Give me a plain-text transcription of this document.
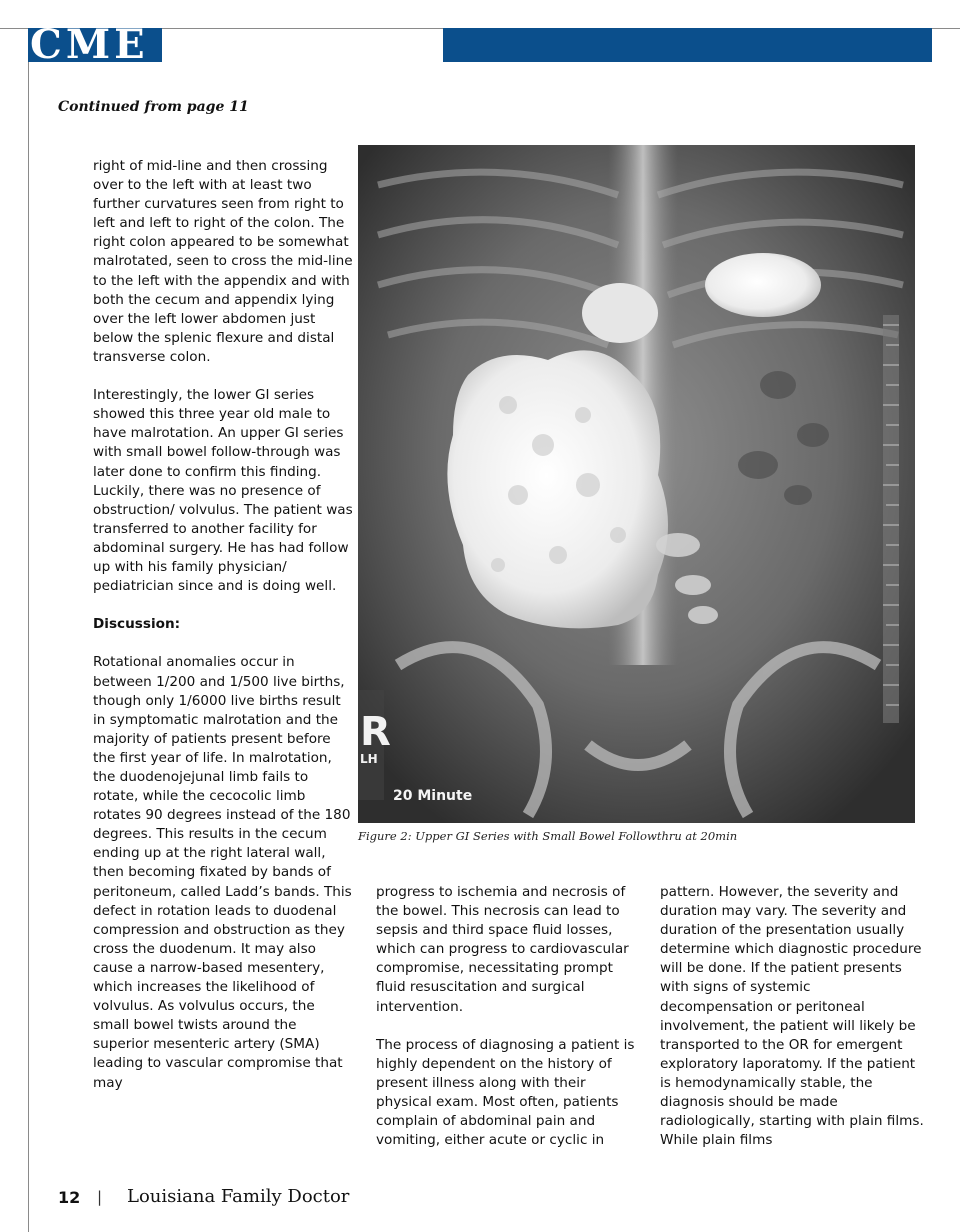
CME
Continued from page 11

right of mid-line and then crossing over to the left with at least two further curvatures seen from right to left and left to right of the colon. The right colon appeared to be somewhat malrotated, seen to cross the mid-line to the left with the appendix and with both the cecum and appendix lying over the left lower abdomen just below the splenic flexure and distal transverse colon.

Interestingly, the lower GI series showed this three year old male to have malrotation. An upper GI series with small bowel follow-through was later done to confirm this finding. Luckily, there was no presence of obstruction/ volvulus. The patient was transferred to another facility for abdominal surgery. He has had follow up with his family physician/ pediatrician since and is doing well.

Discussion:

Rotational anomalies occur in between 1/200 and 1/500 live births, though only 1/6000 live births result in symptomatic malrotation and the majority of patients present before the first year of life. In malrotation, the duodenojejunal limb fails to rotate, while the cecocolic limb rotates 90 degrees instead of the 180 degrees. This results in the cecum ending up at the right lateral wall, then becoming fixated by bands of peritoneum, called Ladd’s bands. This defect in rotation leads to duodenal compression and obstruction as they cross the duodenum. It may also cause a narrow-based mesentery, which increases the likelihood of volvulus. As volvulus occurs, the small bowel twists around the superior mesenteric artery (SMA) leading to vascular compromise that may

R
LH
20 Minute
Figure 2: Upper GI Series with Small Bowel Followthru at 20min

progress to ischemia and necrosis of the bowel. This necrosis can lead to sepsis and third space fluid losses, which can progress to cardiovascular compromise, necessitating prompt fluid resuscitation and surgical intervention.

The process of diagnosing a patient is highly dependent on the history of present illness along with their physical exam. Most often, patients complain of abdominal pain and vomiting, either acute or cyclic in

pattern. However, the severity and duration may vary. The severity and duration of the presentation usually determine which diagnostic procedure will be done. If the patient presents with signs of systemic decompensation or peritoneal involvement, the patient will likely be transported to the OR for emergent exploratory laporatomy. If the patient is hemodynamically stable, the diagnosis should be made radiologically, starting with plain films. While plain films

12 | Louisiana Family Doctor
